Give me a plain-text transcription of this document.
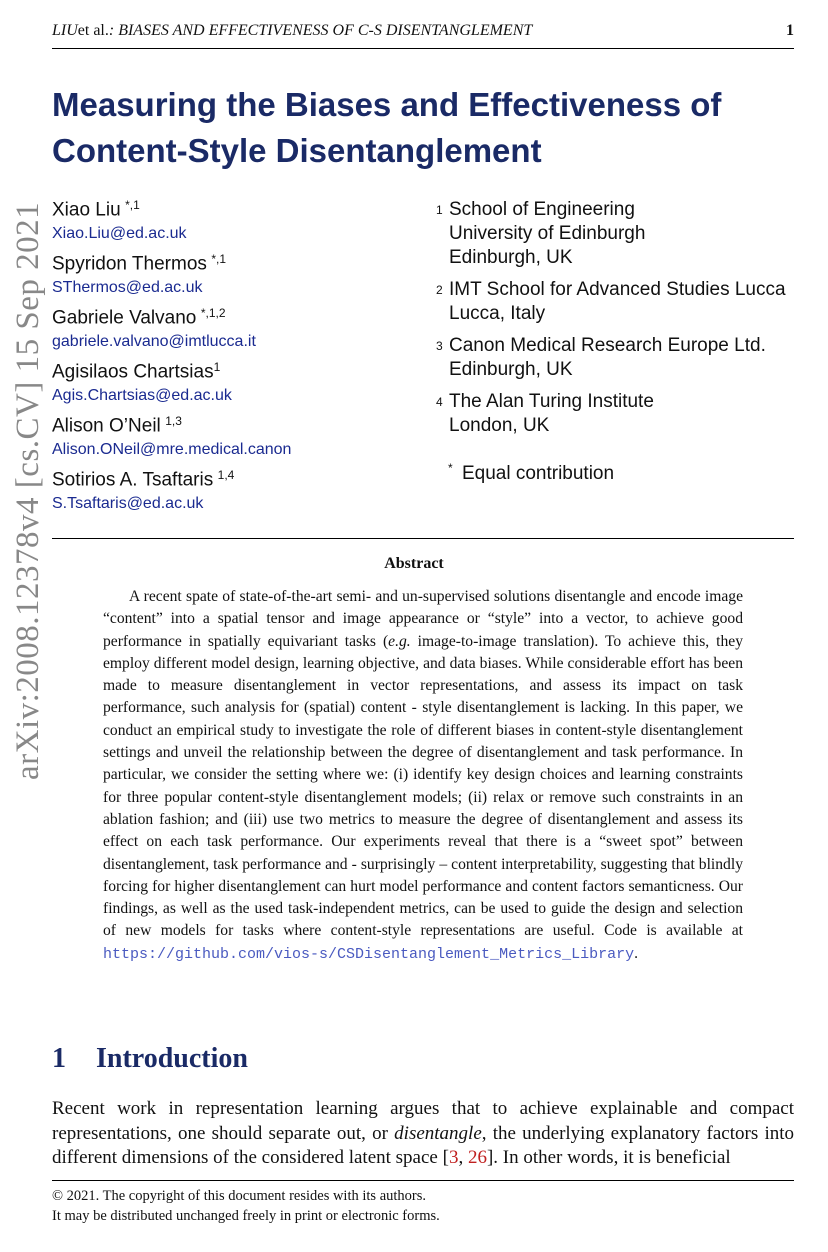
LIUet al.: BIASES AND EFFECTIVENESS OF C-S DISENTANGLEMENT	1
arXiv:2008.12378v4 [cs.CV] 15 Sep 2021
Measuring the Biases and Effectiveness of
Content-Style Disentanglement
Xiao Liu $^{*,1}$
Xiao.Liu@ed.ac.uk
Spyridon Thermos $^{*,1}$
SThermos@ed.ac.uk
Gabriele Valvano $^{*,1,2}$
gabriele.valvano@imtlucca.it
Agisilaos Chartsias$^1$
Agis.Chartsias@ed.ac.uk
Alison O’Neil $^{1,3}$
Alison.ONeil@mre.medical.canon
Sotirios A. Tsaftaris $^{1,4}$
S.Tsaftaris@ed.ac.uk
$^1$ School of Engineering
University of Edinburgh
Edinburgh, UK
$^2$ IMT School for Advanced Studies Lucca
Lucca, Italy
$^3$ Canon Medical Research Europe Ltd.
Edinburgh, UK
$^4$ The Alan Turing Institute
London, UK
* Equal contribution
Abstract
A recent spate of state-of-the-art semi- and un-supervised solutions disentangle and encode image “content” into a spatial tensor and image appearance or “style” into a vector, to achieve good performance in spatially equivariant tasks (e.g. image-to-image translation). To achieve this, they employ different model design, learning objective, and data biases. While considerable effort has been made to measure disentanglement in vector representations, and assess its impact on task performance, such analysis for (spatial) content - style disentanglement is lacking. In this paper, we conduct an empirical study to investigate the role of different biases in content-style disentanglement settings and unveil the relationship between the degree of disentanglement and task performance. In particular, we consider the setting where we: (i) identify key design choices and learning constraints for three popular content-style disentanglement models; (ii) relax or remove such constraints in an ablation fashion; and (iii) use two metrics to measure the degree of disentanglement and assess its effect on each task performance. Our experiments reveal that there is a “sweet spot” between disentanglement, task performance and - surprisingly – content interpretability, suggesting that blindly forcing for higher disentanglement can hurt model performance and content factors semanticness. Our findings, as well as the used task-independent metrics, can be used to guide the design and selection of new models for tasks where content-style representations are useful. Code is available at https://github.com/vios-s/CSDisentanglement_Metrics_Library.
1 Introduction
Recent work in representation learning argues that to achieve explainable and compact representations, one should separate out, or disentangle, the underlying explanatory factors into different dimensions of the considered latent space [3, 26]. In other words, it is beneficial
© 2021. The copyright of this document resides with its authors.
It may be distributed unchanged freely in print or electronic forms.
